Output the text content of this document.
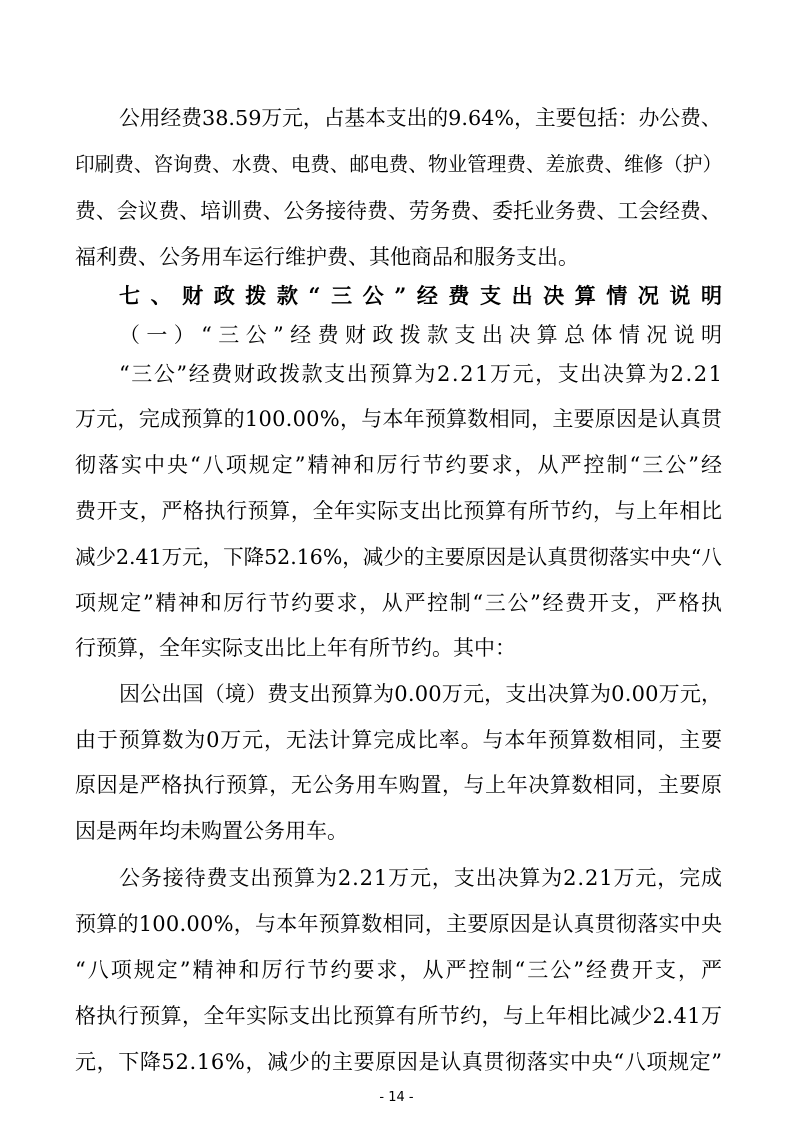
公用经费38.59万元，占基本支出的9.64%，主要包括：办公费、
印刷费、咨询费、水费、电费、邮电费、物业管理费、差旅费、维修（护）
费、会议费、培训费、公务接待费、劳务费、委托业务费、工会经费、
福利费、公务用车运行维护费、其他商品和服务支出。
七、财政拨款“三公”经费支出决算情况说明
（一）“三公”经费财政拨款支出决算总体情况说明
“三公”经费财政拨款支出预算为2.21万元，支出决算为2.21
万元，完成预算的100.00%，与本年预算数相同，主要原因是认真贯
彻落实中央“八项规定”精神和厉行节约要求，从严控制“三公”经
费开支，严格执行预算，全年实际支出比预算有所节约，与上年相比
减少2.41万元，下降52.16%，减少的主要原因是认真贯彻落实中央“八
项规定”精神和厉行节约要求，从严控制“三公”经费开支，严格执
行预算，全年实际支出比上年有所节约。其中：
因公出国（境）费支出预算为0.00万元，支出决算为0.00万元，
由于预算数为0万元，无法计算完成比率。与本年预算数相同，主要
原因是严格执行预算，无公务用车购置，与上年决算数相同，主要原
因是两年均未购置公务用车。
公务接待费支出预算为2.21万元，支出决算为2.21万元，完成
预算的100.00%，与本年预算数相同，主要原因是认真贯彻落实中央
“八项规定”精神和厉行节约要求，从严控制“三公”经费开支，严
格执行预算，全年实际支出比预算有所节约，与上年相比减少2.41万
元，下降52.16%，减少的主要原因是认真贯彻落实中央“八项规定”
- 14 -
